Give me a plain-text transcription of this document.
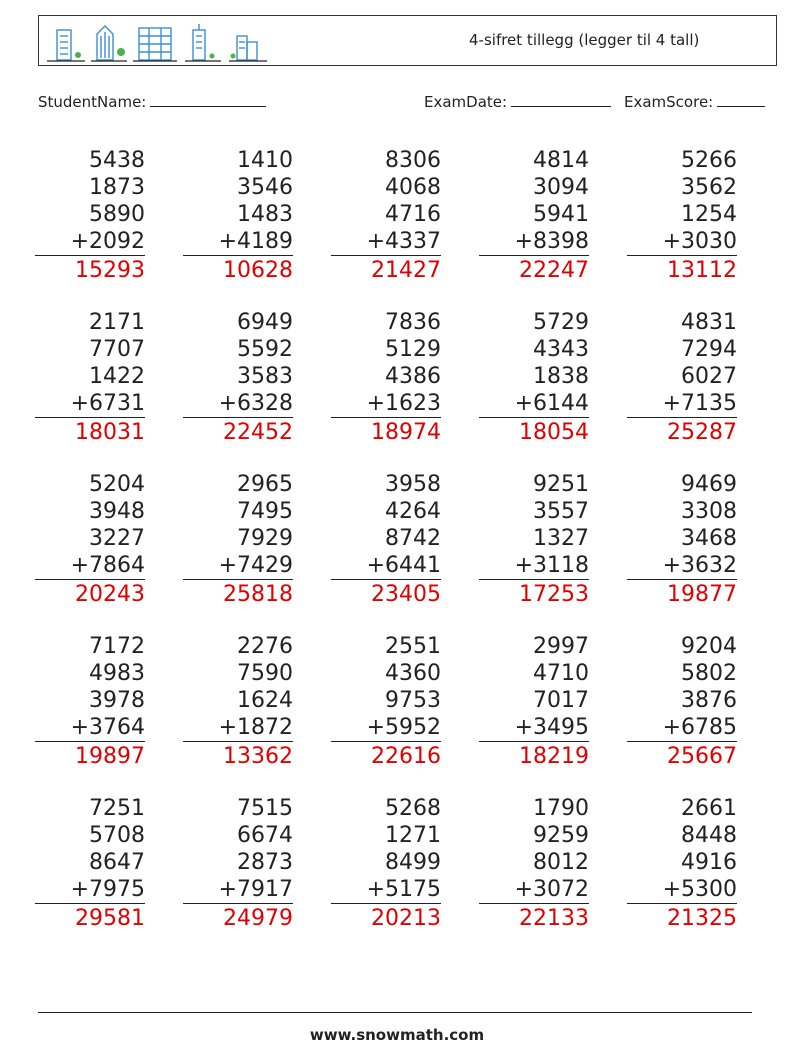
4-sifret tillegg (legger til 4 tall)
StudentName:	ExamDate:	ExamScore:
5438
1873
5890
+2092
15293
1410
3546
1483
+4189
10628
8306
4068
4716
+4337
21427
4814
3094
5941
+8398
22247
5266
3562
1254
+3030
13112
2171
7707
1422
+6731
18031
6949
5592
3583
+6328
22452
7836
5129
4386
+1623
18974
5729
4343
1838
+6144
18054
4831
7294
6027
+7135
25287
5204
3948
3227
+7864
20243
2965
7495
7929
+7429
25818
3958
4264
8742
+6441
23405
9251
3557
1327
+3118
17253
9469
3308
3468
+3632
19877
7172
4983
3978
+3764
19897
2276
7590
1624
+1872
13362
2551
4360
9753
+5952
22616
2997
4710
7017
+3495
18219
9204
5802
3876
+6785
25667
7251
5708
8647
+7975
29581
7515
6674
2873
+7917
24979
5268
1271
8499
+5175
20213
1790
9259
8012
+3072
22133
2661
8448
4916
+5300
21325
www.snowmath.com
